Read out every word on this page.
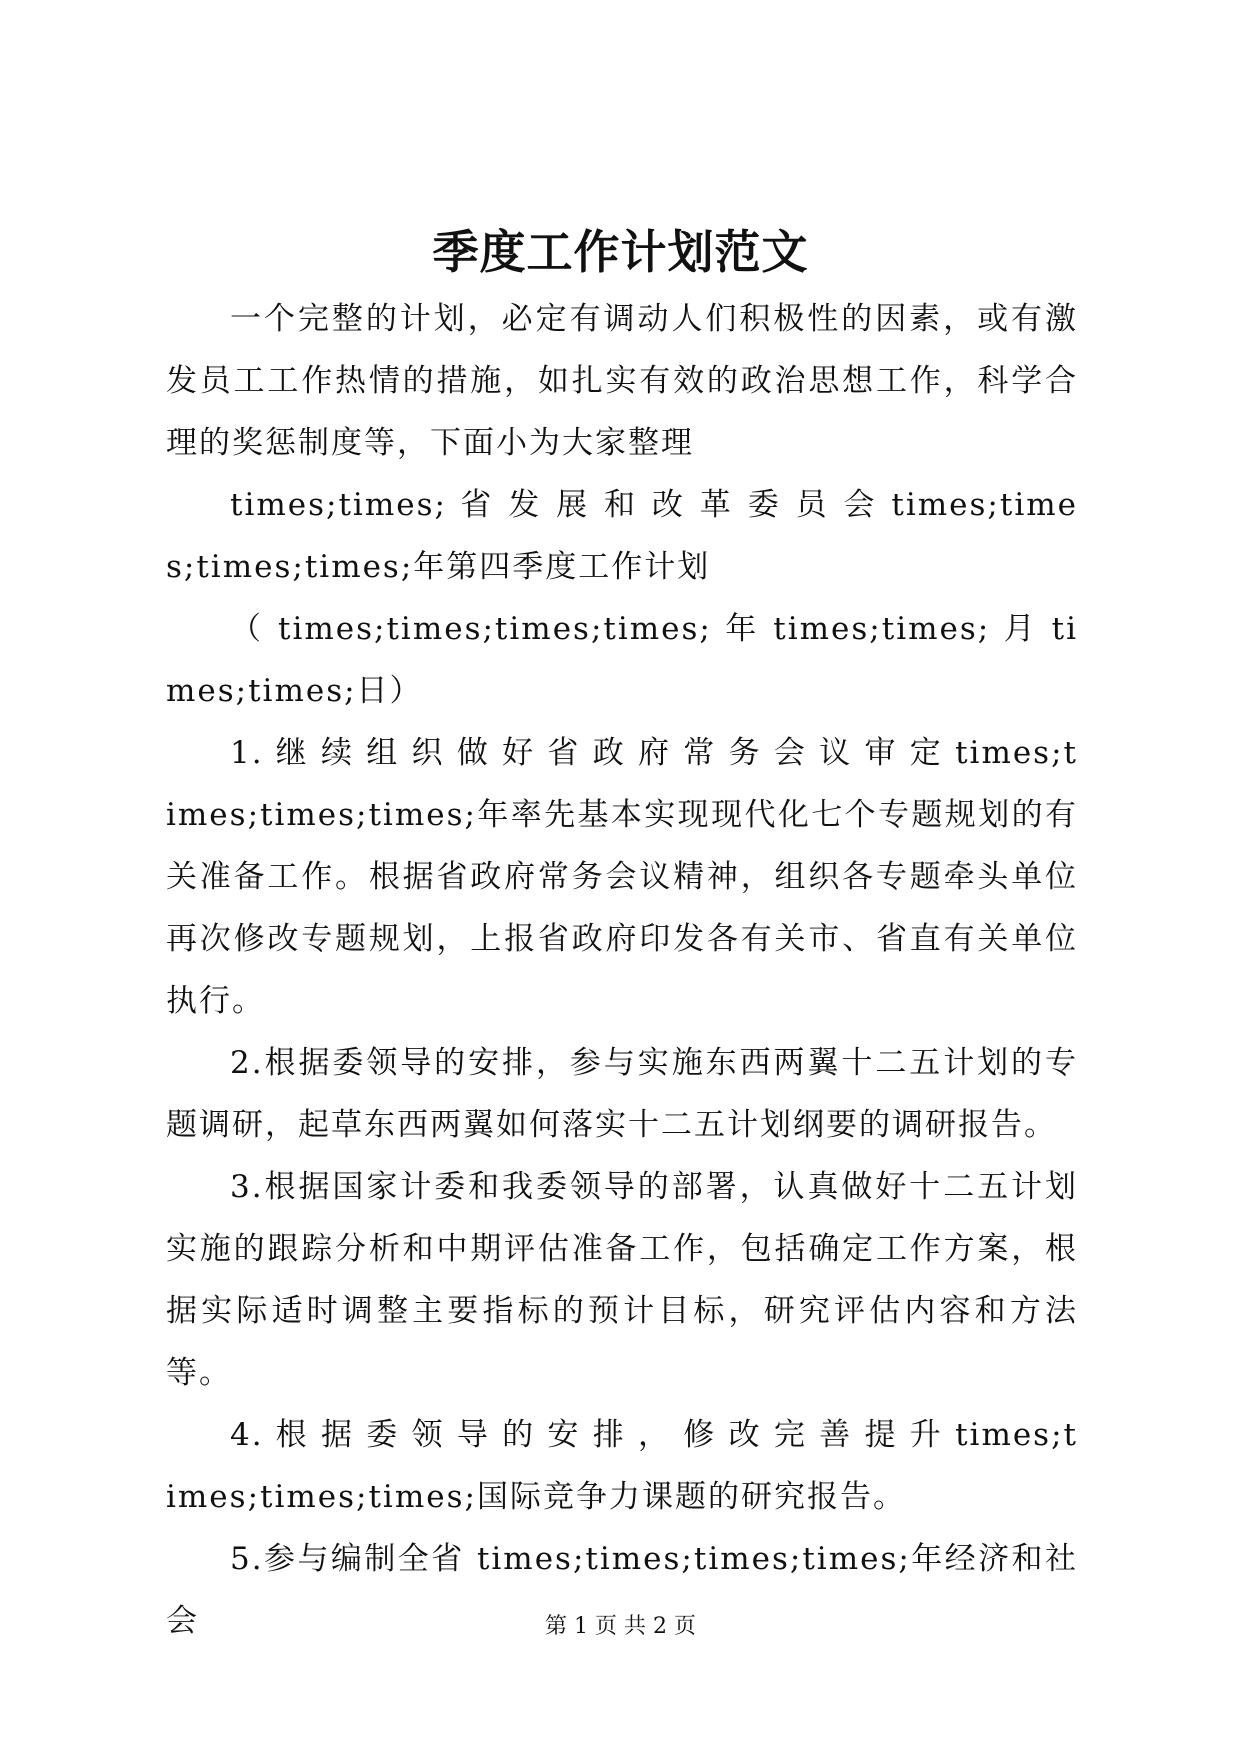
季度工作计划范文

一个完整的计划，必定有调动人们积极性的因素，或有激发员工工作热情的措施，如扎实有效的政治思想工作，科学合理的奖惩制度等，下面小为大家整理

times;times; 省 发 展 和 改 革 委 员 会 times;times;times;times;年第四季度工作计划

（ times;times;times;times; 年 times;times; 月 times;times;日）

1. 继 续 组 织 做 好 省 政 府 常 务 会 议 审 定 times;times;times;times;年率先基本实现现代化七个专题规划的有关准备工作。根据省政府常务会议精神，组织各专题牵头单位再次修改专题规划，上报省政府印发各有关市、省直有关单位执行。

2.根据委领导的安排，参与实施东西两翼十二五计划的专题调研，起草东西两翼如何落实十二五计划纲要的调研报告。

3.根据国家计委和我委领导的部署，认真做好十二五计划实施的跟踪分析和中期评估准备工作，包括确定工作方案，根据实际适时调整主要指标的预计目标，研究评估内容和方法等。

4. 根 据 委 领 导 的 安 排 ， 修 改 完 善 提 升 times;times;times;times;国际竞争力课题的研究报告。

5.参与编制全省 times;times;times;times;年经济和社会	第 1 页 共 2 页
